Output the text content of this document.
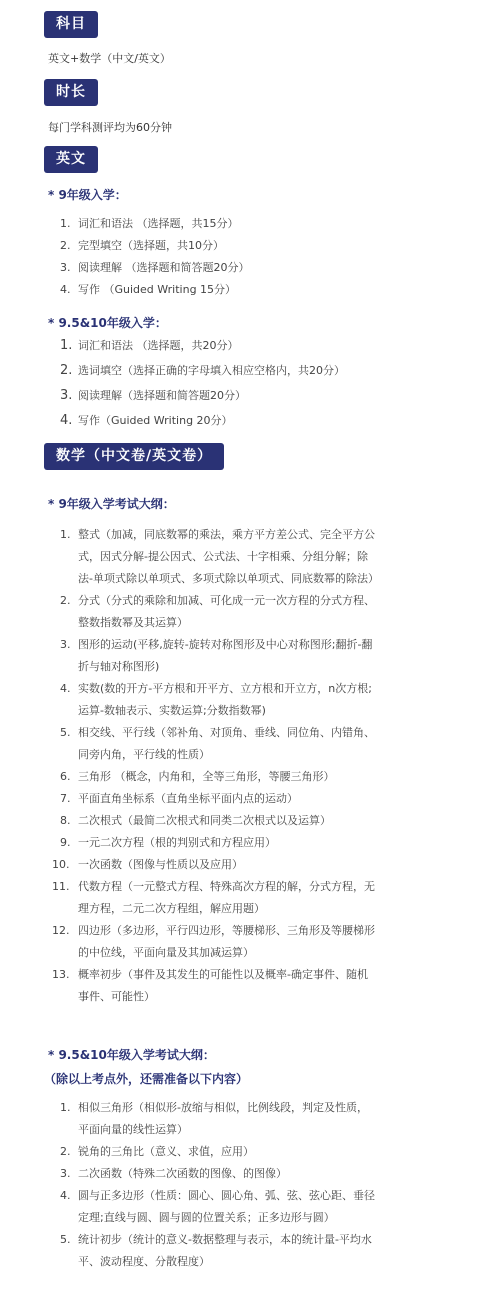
科目
英文+数学（中文/英文）
时长
每门学科测评均为60分钟
英文
* 9年级入学：
1. 词汇和语法 （选择题，共15分）
2. 完型填空（选择题，共10分）
3. 阅读理解 （选择题和简答题20分）
4. 写作 （Guided Writing 15分）
* 9.5&10年级入学：
1. 词汇和语法 （选择题，共20分）
2. 选词填空（选择正确的字母填入相应空格内，共20分）
3. 阅读理解（选择题和简答题20分）
4. 写作（Guided Writing 20分）
数学（中文卷/英文卷）
* 9年级入学考试大纲：
1. 整式（加减，同底数幂的乘法，乘方平方差公式、完全平方公式，因式分解-提公因式、公式法、十字相乘、分组分解；除法-单项式除以单项式、多项式除以单项式、同底数幂的除法）
2. 分式（分式的乘除和加减、可化成一元一次方程的分式方程、整数指数幂及其运算）
3. 图形的运动(平移,旋转-旋转对称图形及中心对称图形;翻折-翻折与轴对称图形)
4. 实数(数的开方-平方根和开平方、立方根和开立方，n次方根;运算-数轴表示、实数运算;分数指数幂)
5. 相交线、平行线（邻补角、对顶角、垂线、同位角、内错角、同旁内角，平行线的性质）
6. 三角形 （概念，内角和，全等三角形，等腰三角形）
7. 平面直角坐标系（直角坐标平面内点的运动）
8. 二次根式（最简二次根式和同类二次根式以及运算）
9. 一元二次方程（根的判别式和方程应用）
10. 一次函数（图像与性质以及应用）
11. 代数方程（一元整式方程、特殊高次方程的解，分式方程，无理方程，二元二次方程组，解应用题）
12. 四边形（多边形，平行四边形，等腰梯形、三角形及等腰梯形的中位线，平面向量及其加减运算）
13. 概率初步（事件及其发生的可能性以及概率-确定事件、随机事件、可能性）
* 9.5&10年级入学考试大纲：
（除以上考点外，还需准备以下内容）
1. 相似三角形（相似形-放缩与相似，比例线段，判定及性质，平面向量的线性运算）
2. 锐角的三角比（意义、求值，应用）
3. 二次函数（特殊二次函数的图像、的图像）
4. 圆与正多边形（性质：圆心、圆心角、弧、弦、弦心距、垂径定理;直线与圆、圆与圆的位置关系；正多边形与圆）
5. 统计初步（统计的意义-数据整理与表示，本的统计量-平均水平、波动程度、分散程度）
